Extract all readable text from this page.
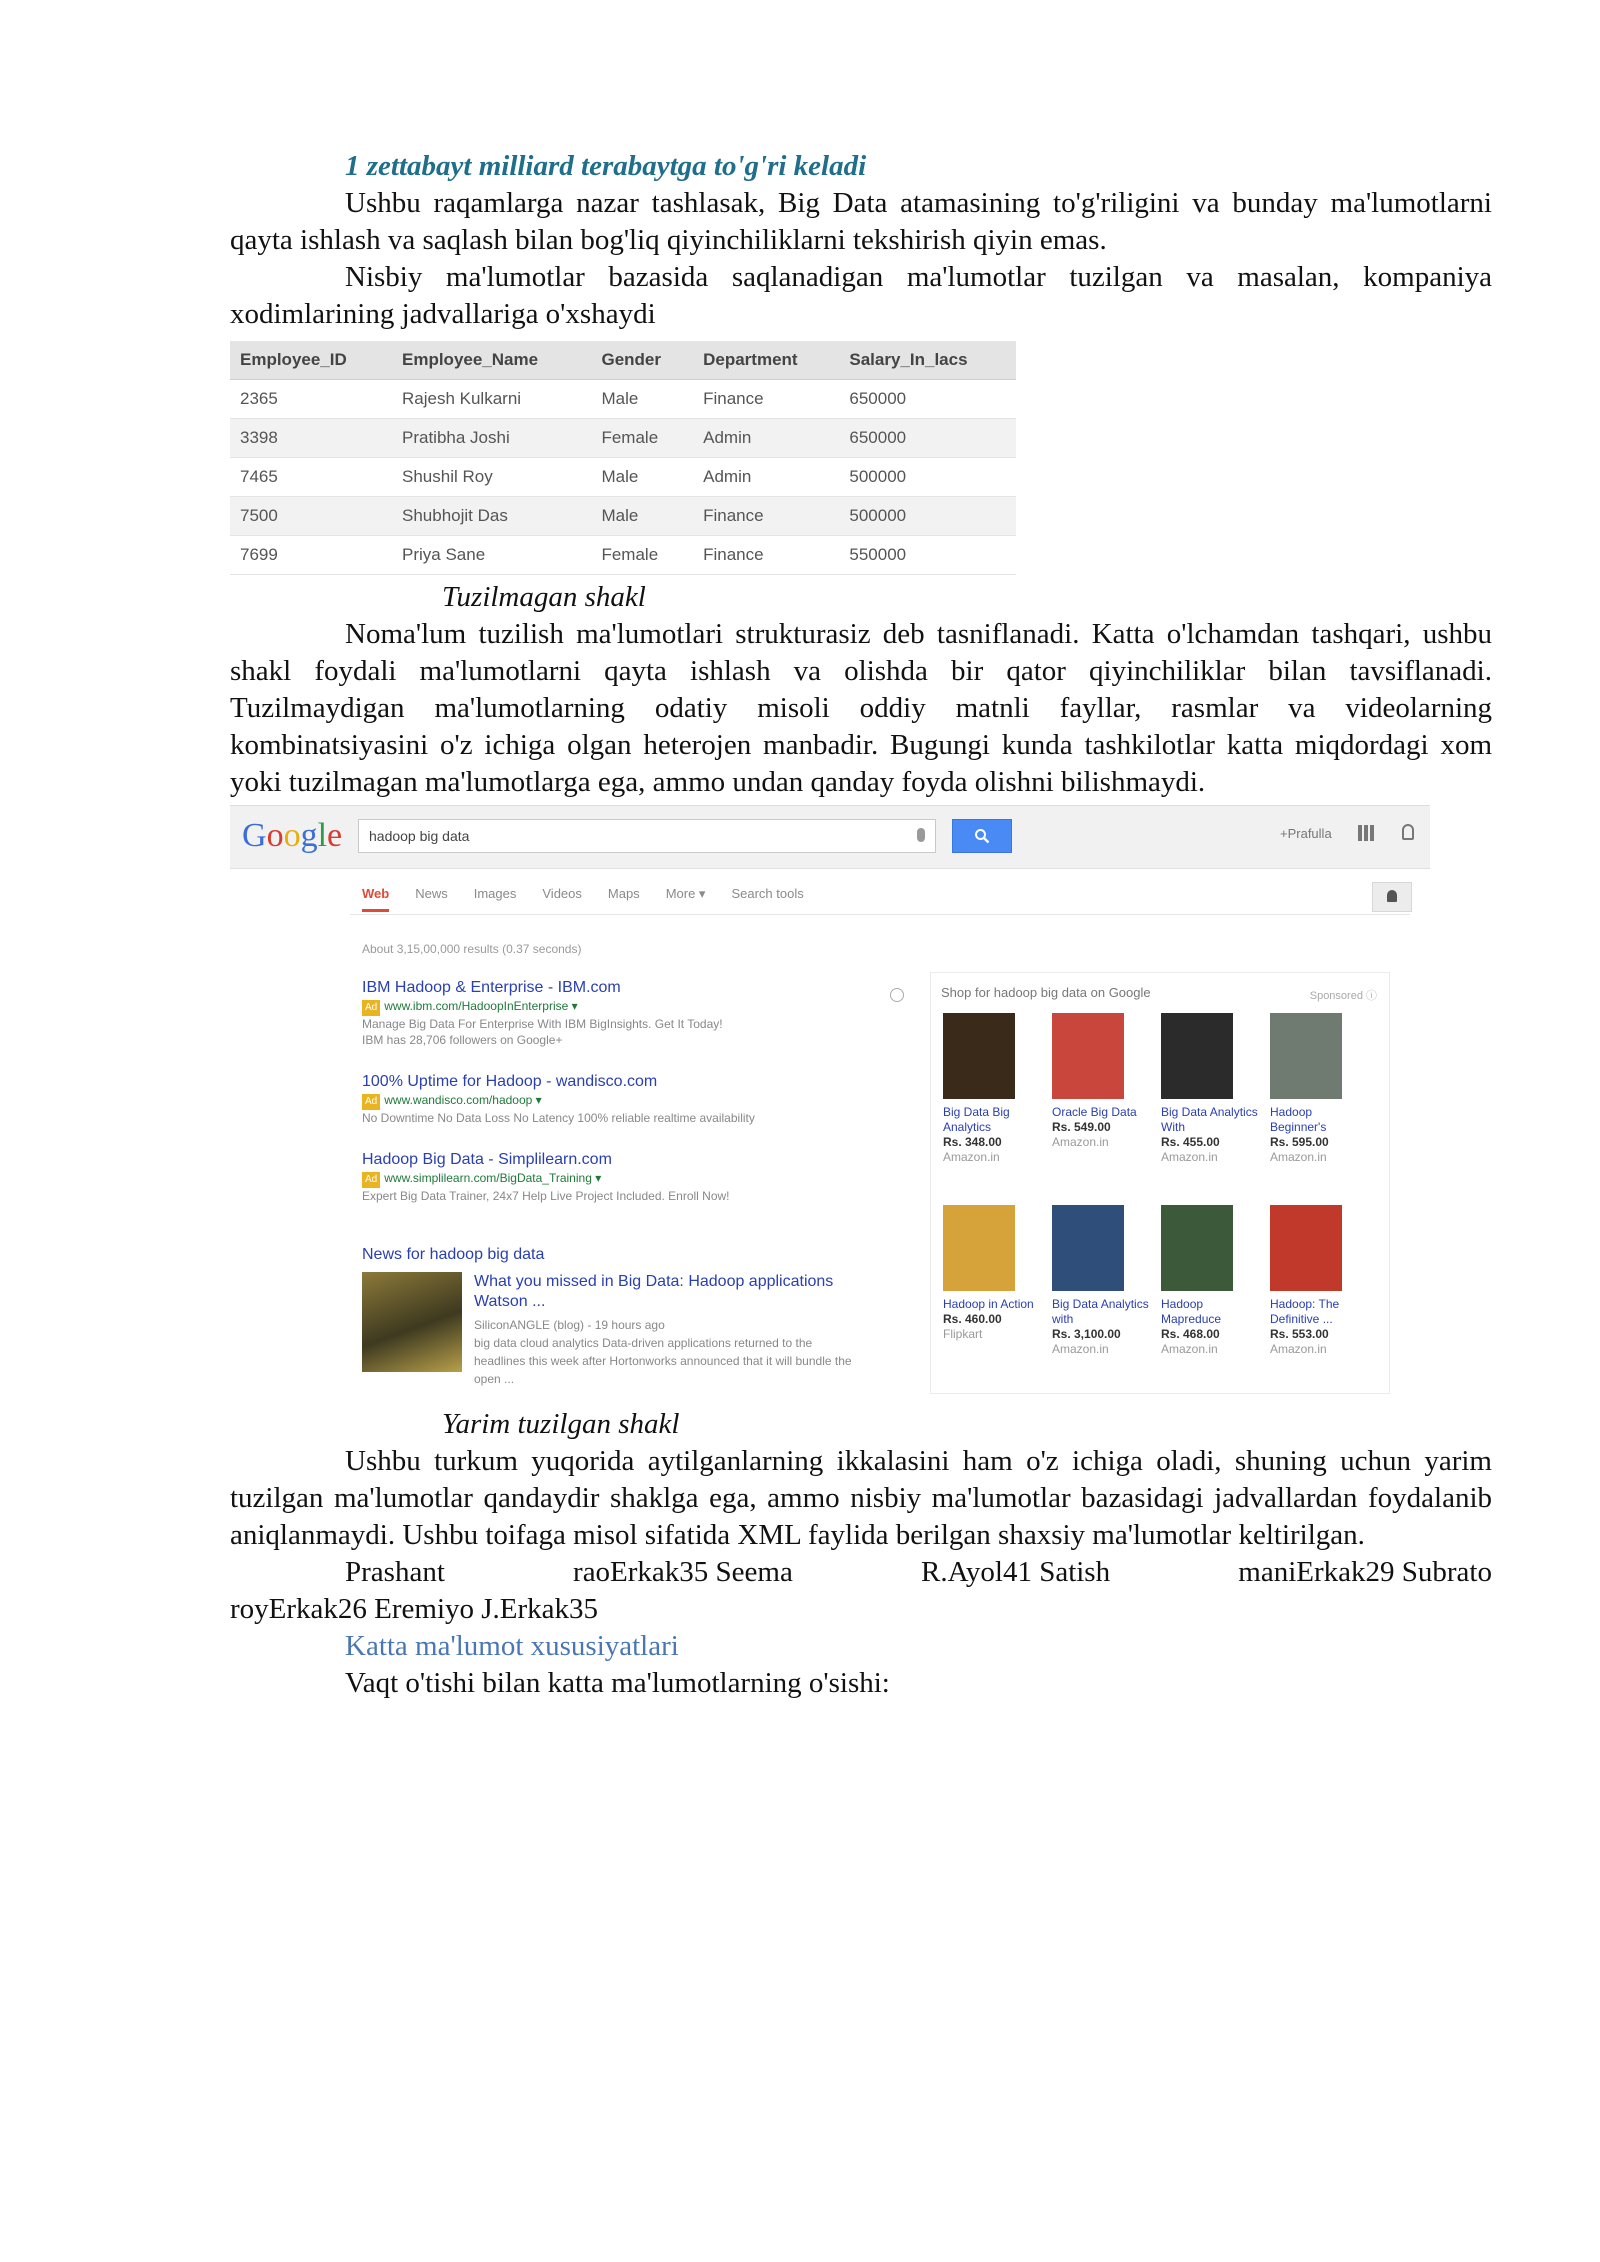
1 zettabayt milliard terabaytga to'g'ri keladi

Ushbu raqamlarga nazar tashlasak, Big Data atamasining to'g'riligini va bunday ma'lumotlarni qayta ishlash va saqlash bilan bog'liq qiyinchiliklarni tekshirish qiyin emas.

Nisbiy ma'lumotlar bazasida saqlanadigan ma'lumotlar tuzilgan va masalan, kompaniya xodimlarining jadvallariga o'xshaydi

Employee_ID	Employee_Name	Gender	Department	Salary_In_lacs
2365	Rajesh Kulkarni	Male	Finance	650000
3398	Pratibha Joshi	Female	Admin	650000
7465	Shushil Roy	Male	Admin	500000
7500	Shubhojit Das	Male	Finance	500000
7699	Priya Sane	Female	Finance	550000
Tuzilmagan shakl

Noma'lum tuzilish ma'lumotlari strukturasiz deb tasniflanadi. Katta o'lchamdan tashqari, ushbu shakl foydali ma'lumotlarni qayta ishlash va olishda bir qator qiyinchiliklar bilan tavsiflanadi. Tuzilmaydigan ma'lumotlarning odatiy misoli oddiy matnli fayllar, rasmlar va videolarning kombinatsiyasini o'z ichiga olgan heterojen manbadir. Bugungi kunda tashkilotlar katta miqdordagi xom yoki tuzilmagan ma'lumotlarga ega, ammo undan qanday foyda olishni bilishmaydi.

Google	hadoop big data	+Prafulla
Web News Images Videos Maps More ▾ Search tools
About 3,15,00,000 results (0.37 seconds)
IBM Hadoop & Enterprise - IBM.com
Ad www.ibm.com/HadoopInEnterprise ▾
Manage Big Data For Enterprise With IBM BigInsights. Get It Today!
IBM has 28,706 followers on Google+
100% Uptime for Hadoop - wandisco.com
Ad www.wandisco.com/hadoop ▾
No Downtime No Data Loss No Latency 100% reliable realtime availability
Hadoop Big Data - Simplilearn.com
Ad www.simplilearn.com/BigData_Training ▾
Expert Big Data Trainer, 24x7 Help Live Project Included. Enroll Now!
News for hadoop big data
What you missed in Big Data: Hadoop applications Watson ...
SiliconANGLE (blog) - 19 hours ago
big data cloud analytics Data-driven applications returned to the headlines this week after Hortonworks announced that it will bundle the open ...
Shop for hadoop big data on Google	Sponsored ⓘ
Big Data Big Analytics
Rs. 348.00
Amazon.in
Oracle Big Data
Rs. 549.00
Amazon.in
Big Data Analytics With
Rs. 455.00
Amazon.in
Hadoop Beginner's
Rs. 595.00
Amazon.in
Hadoop in Action
Rs. 460.00
Flipkart
Big Data Analytics with
Rs. 3,100.00
Amazon.in
Hadoop Mapreduce
Rs. 468.00
Amazon.in
Hadoop: The Definitive ...
Rs. 553.00
Amazon.in
Yarim tuzilgan shakl

Ushbu turkum yuqorida aytilganlarning ikkalasini ham o'z ichiga oladi, shuning uchun yarim tuzilgan ma'lumotlar qandaydir shaklga ega, ammo nisbiy ma'lumotlar bazasidagi jadvallardan foydalanib aniqlanmaydi. Ushbu toifaga misol sifatida XML faylida berilgan shaxsiy ma'lumotlar keltirilgan.

Prashant	raoErkak35 Seema	R.Ayol41 Satish	maniErkak29 Subrato

royErkak26 Eremiyo J.Erkak35

Katta ma'lumot xususiyatlari

Vaqt o'tishi bilan katta ma'lumotlarning o'sishi:
